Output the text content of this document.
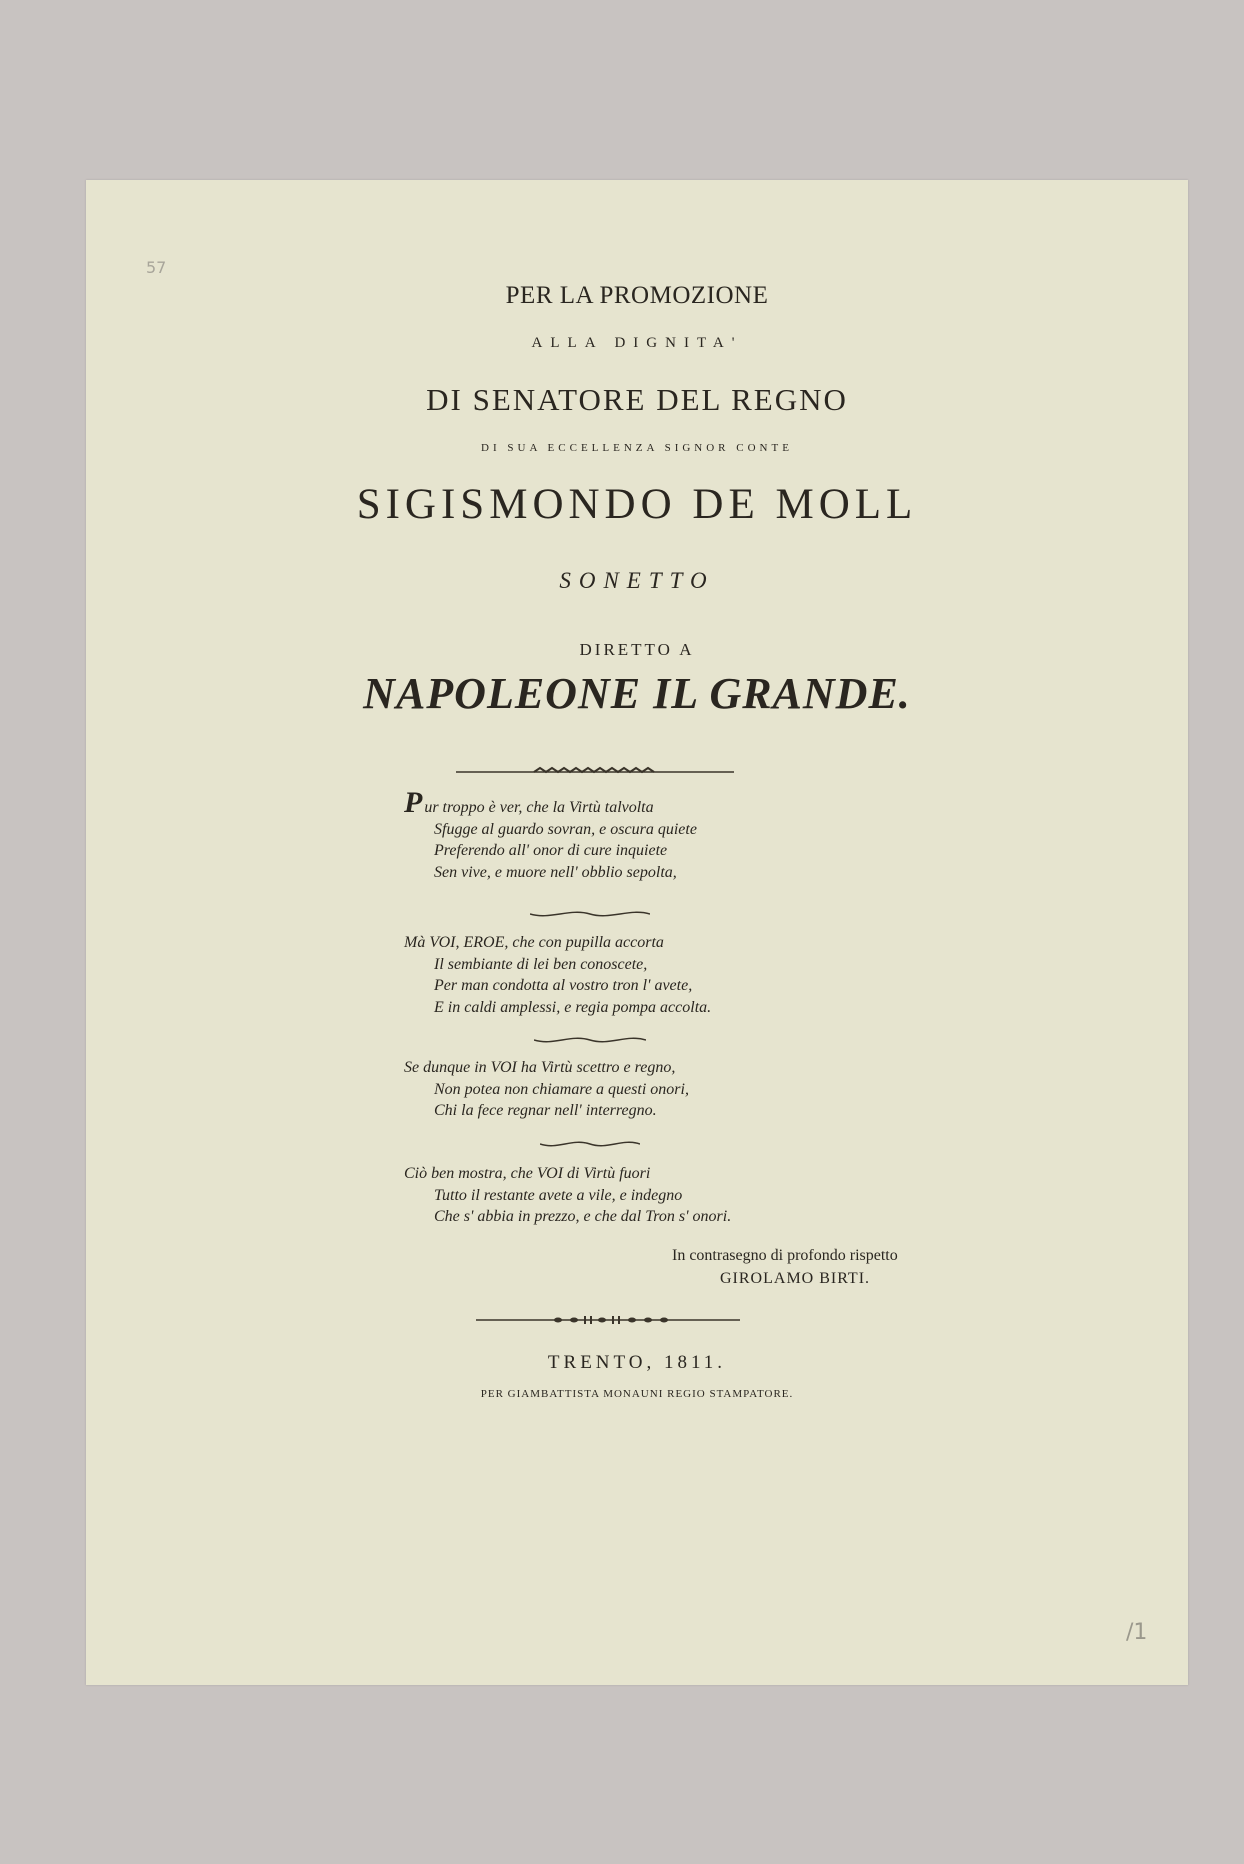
57
/1
PER LA PROMOZIONE
ALLA DIGNITA'
DI SENATORE DEL REGNO
DI SUA ECCELLENZA SIGNOR CONTE
SIGISMONDO DE MOLL
SONETTO
DIRETTO A
NAPOLEONE IL GRANDE.
Pur troppo è ver, che la Virtù talvolta
Sfugge al guardo sovran, e oscura quiete
Preferendo all' onor di cure inquiete
Sen vive, e muore nell' obblio sepolta,
Mà VOI, EROE, che con pupilla accorta
Il sembiante di lei ben conoscete,
Per man condotta al vostro tron l' avete,
E in caldi amplessi, e regia pompa accolta.
Se dunque in VOI ha Virtù scettro e regno,
Non potea non chiamare a questi onori,
Chi la fece regnar nell' interregno.
Ciò ben mostra, che VOI di Virtù fuori
Tutto il restante avete a vile, e indegno
Che s' abbia in prezzo, e che dal Tron s' onori.
In contrasegno di profondo rispetto
GIROLAMO BIRTI.
TRENTO, 1811.
PER GIAMBATTISTA MONAUNI REGIO STAMPATORE.
